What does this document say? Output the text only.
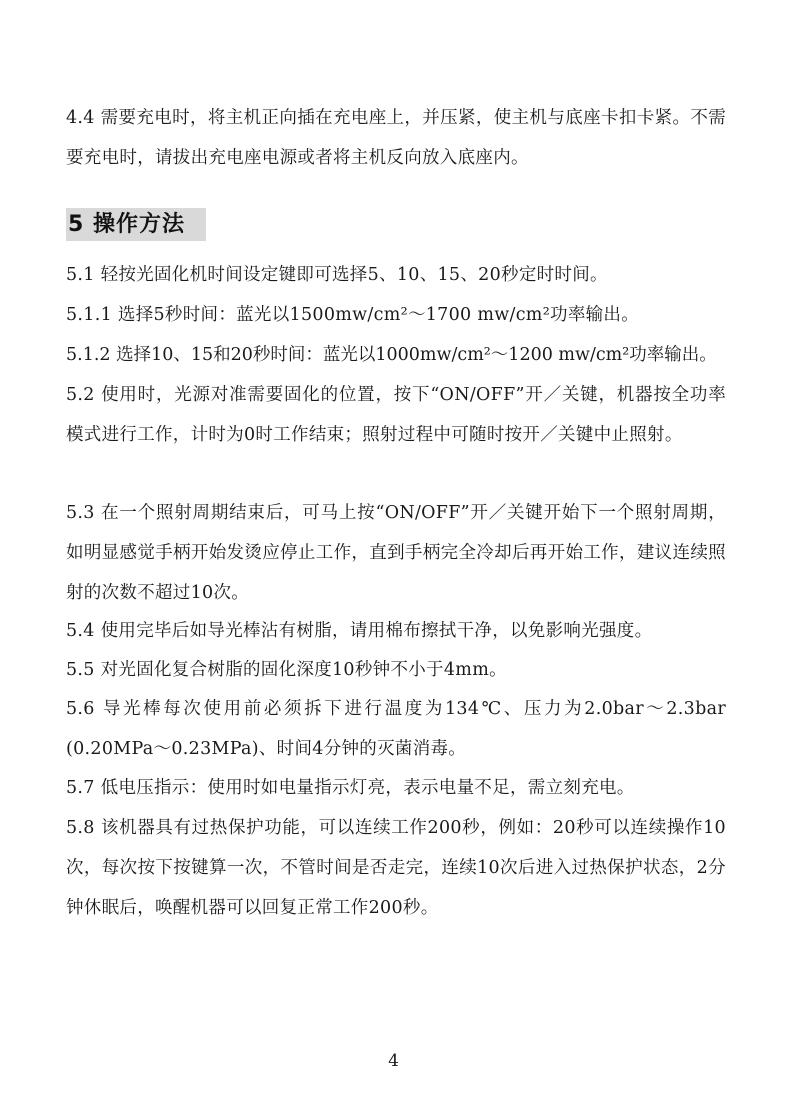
4.4 需要充电时，将主机正向插在充电座上，并压紧，使主机与底座卡扣卡紧。不需要充电时，请拔出充电座电源或者将主机反向放入底座内。

5 操作方法

5.1 轻按光固化机时间设定键即可选择5、10、15、20秒定时时间。

5.1.1 选择5秒时间：蓝光以1500mw/cm²～1700 mw/cm²功率输出。

5.1.2 选择10、15和20秒时间：蓝光以1000mw/cm²～1200 mw/cm²功率输出。

5.2 使用时，光源对准需要固化的位置，按下“ON/OFF”开／关键，机器按全功率模式进行工作，计时为0时工作结束；照射过程中可随时按开／关键中止照射。

5.3 在一个照射周期结束后，可马上按“ON/OFF”开／关键开始下一个照射周期，如明显感觉手柄开始发烫应停止工作，直到手柄完全冷却后再开始工作，建议连续照射的次数不超过10次。

5.4 使用完毕后如导光棒沾有树脂，请用棉布擦拭干净，以免影响光强度。

5.5 对光固化复合树脂的固化深度10秒钟不小于4mm。

5.6 导光棒每次使用前必须拆下进行温度为134℃、压力为2.0bar～2.3bar (0.20MPa～0.23MPa)、时间4分钟的灭菌消毒。

5.7 低电压指示：使用时如电量指示灯亮，表示电量不足，需立刻充电。

5.8 该机器具有过热保护功能，可以连续工作200秒，例如：20秒可以连续操作10次，每次按下按键算一次，不管时间是否走完，连续10次后进入过热保护状态，2分钟休眠后，唤醒机器可以回复正常工作200秒。

4
